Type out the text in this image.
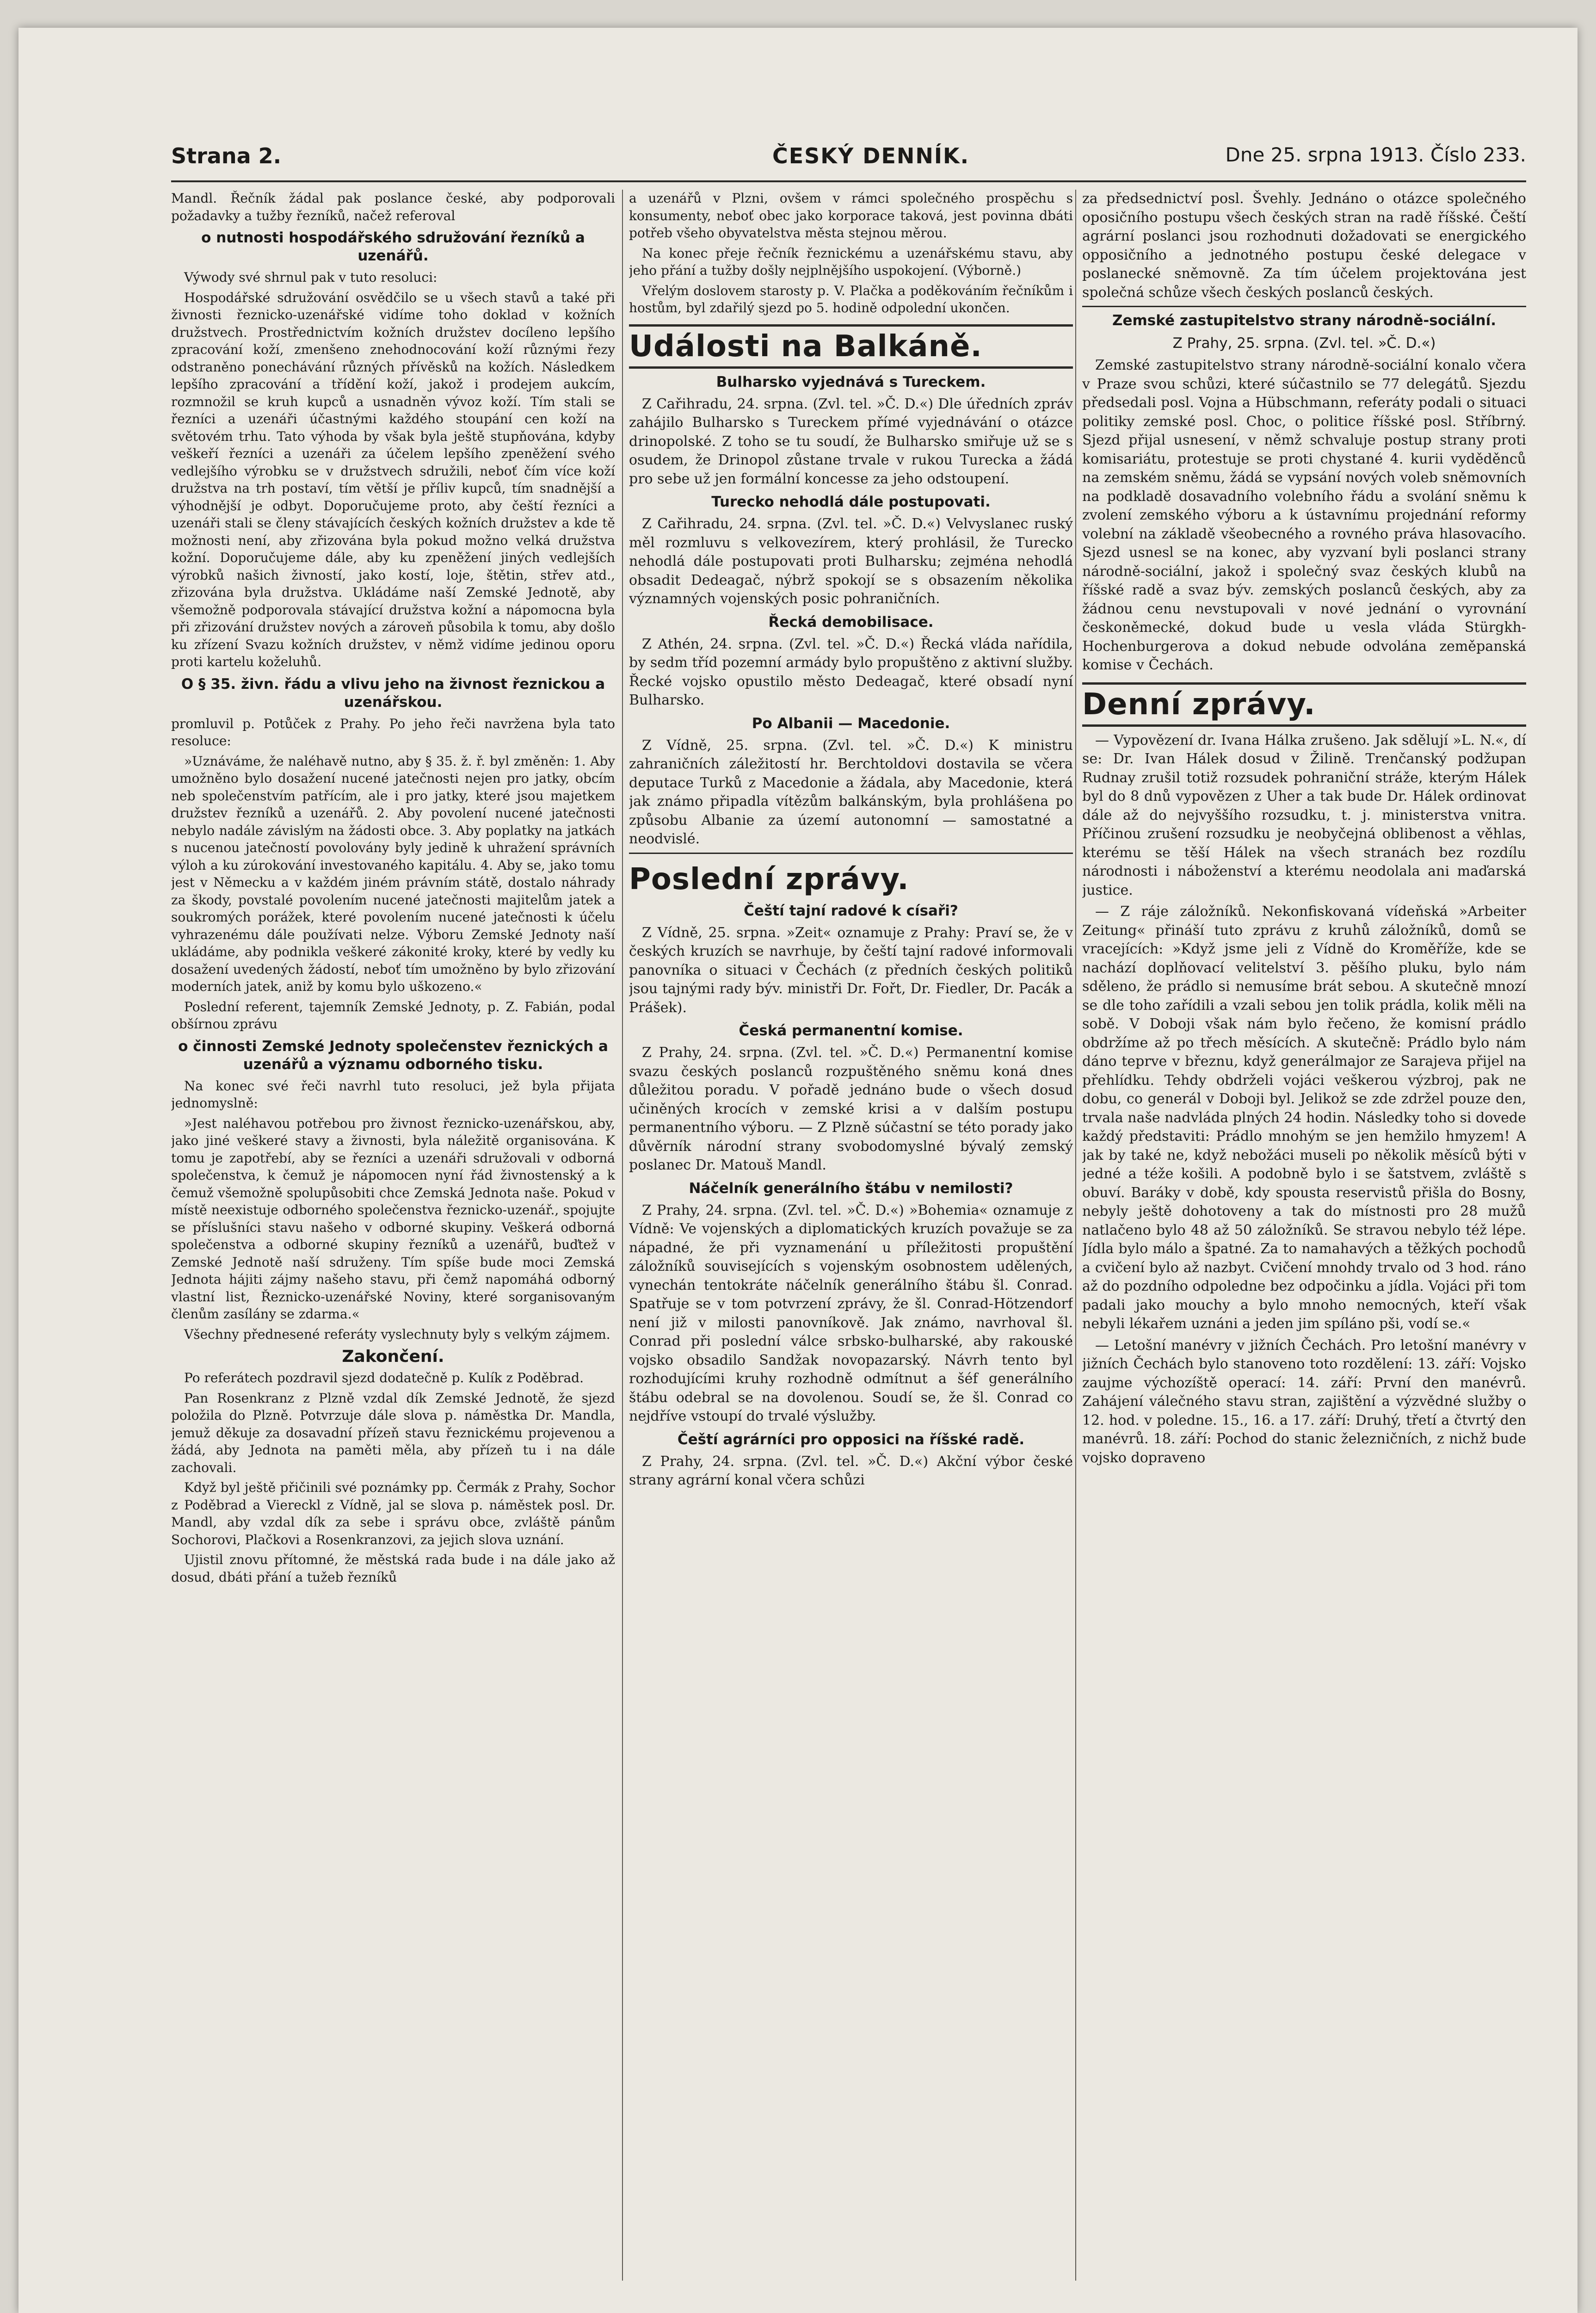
Strana 2.	ČESKÝ DENNÍK.	Dne 25. srpna 1913. Číslo 233.

Mandl. Řečník žádal pak poslance české, aby podporovali požadavky a tužby řezníků, načež referoval

o nutnosti hospodářského sdružování řezníků a uzenářů.

Výwody své shrnul pak v tuto resoluci:

Hospodářské sdružování osvědčilo se u všech stavů a také při živnosti řeznicko-uzenářské vidíme toho doklad v kožních družstvech. Prostřednictvím kožních družstev docíleno lepšího zpracování koží, zmenšeno znehodnocování koží různými řezy odstraněno ponechávání různých přívěsků na kožích. Následkem lepšího zpracování a třídění koží, jakož i prodejem aukcím, rozmnožil se kruh kupců a usnadněn vývoz koží. Tím stali se řezníci a uzenáři účastnými každého stoupání cen koží na světovém trhu. Tato výhoda by však byla ještě stupňována, kdyby veškeří řezníci a uzenáři za účelem lepšího zpeněžení svého vedlejšího výrobku se v družstvech sdružili, neboť čím více koží družstva na trh postaví, tím větší je příliv kupců, tím snadnější a výhodnější je odbyt. Doporučujeme proto, aby čeští řezníci a uzenáři stali se členy stávajících českých kožních družstev a kde tě možnosti není, aby zřizována byla pokud možno velká družstva kožní. Doporučujeme dále, aby ku zpeněžení jiných vedlejších výrobků našich živností, jako kostí, loje, štětin, střev atd., zřizována byla družstva. Ukládáme naší Zemské Jednotě, aby všemožně podporovala stávající družstva kožní a nápomocna byla při zřizování družstev nových a zároveň působila k tomu, aby došlo ku zřízení Svazu kožních družstev, v němž vidíme jedinou oporu proti kartelu koželuhů.

O § 35. živn. řádu a vlivu jeho na živnost řeznickou a uzenářskou.

promluvil p. Potůček z Prahy. Po jeho řeči navržena byla tato resoluce:

»Uznáváme, že naléhavě nutno, aby § 35. ž. ř. byl změněn: 1. Aby umožněno bylo dosažení nucené jatečnosti nejen pro jatky, obcím neb společenstvím patřícím, ale i pro jatky, které jsou majetkem družstev řezníků a uzenářů. 2. Aby povolení nucené jatečnosti nebylo nadále závislým na žádosti obce. 3. Aby poplatky na jatkách s nucenou jatečností povolovány byly jedině k uhražení správních výloh a ku zúrokování investovaného kapitálu. 4. Aby se, jako tomu jest v Německu a v každém jiném právním státě, dostalo náhrady za škody, povstalé povolením nucené jatečnosti majitelům jatek a soukromých porážek, které povolením nucené jatečnosti k účelu vyhrazenému dále používati nelze. Výboru Zemské Jednoty naší ukládáme, aby podnikla veškeré zákonité kroky, které by vedly ku dosažení uvedených žádostí, neboť tím umožněno by bylo zřizování moderních jatek, aniž by komu bylo uškozeno.«

Poslední referent, tajemník Zemské Jednoty, p. Z. Fabián, podal obšírnou zprávu

o činnosti Zemské Jednoty společenstev řeznických a uzenářů a významu odborného tisku.

Na konec své řeči navrhl tuto resoluci, jež byla přijata jednomyslně:

»Jest naléhavou potřebou pro živnost řeznicko-uzenářskou, aby, jako jiné veškeré stavy a živnosti, byla náležitě organisována. K tomu je zapotřebí, aby se řezníci a uzenáři sdružovali v odborná společenstva, k čemuž je nápomocen nyní řád živnostenský a k čemuž všemožně spolupůsobiti chce Zemská Jednota naše. Pokud v místě neexistuje odborného společenstva řeznicko-uzenář., spojujte se příslušníci stavu našeho v odborné skupiny. Veškerá odborná společenstva a odborné skupiny řezníků a uzenářů, buďtež v Zemské Jednotě naší sdruženy. Tím spíše bude moci Zemská Jednota hájiti zájmy našeho stavu, při čemž napomáhá odborný vlastní list, Řeznicko-uzenářské Noviny, které sorganisovaným členům zasílány se zdarma.«

Všechny přednesené referáty vyslechnuty byly s velkým zájmem.

Zakončení.

Po referátech pozdravil sjezd dodatečně p. Kulík z Poděbrad.

Pan Rosenkranz z Plzně vzdal dík Zemské Jednotě, že sjezd položila do Plzně. Potvrzuje dále slova p. náměstka Dr. Mandla, jemuž děkuje za dosavadní přízeň stavu řeznickému projevenou a žádá, aby Jednota na paměti měla, aby přízeň tu i na dále zachovali.

Když byl ještě přičinili své poznámky pp. Čermák z Prahy, Sochor z Poděbrad a Viereckl z Vídně, jal se slova p. náměstek posl. Dr. Mandl, aby vzdal dík za sebe i správu obce, zvláště pánům Sochorovi, Plačkovi a Rosenkranzovi, za jejich slova uznání.

Ujistil znovu přítomné, že městská rada bude i na dále jako až dosud, dbáti přání a tužeb řezníků

a uzenářů v Plzni, ovšem v rámci společného prospěchu s konsumenty, neboť obec jako korporace taková, jest povinna dbáti potřeb všeho obyvatelstva města stejnou měrou.

Na konec přeje řečník řeznickému a uzenářskému stavu, aby jeho přání a tužby došly nejplnějšího uspokojení. (Výborně.)

Vřelým doslovem starosty p. V. Plačka a poděkováním řečníkům i hostům, byl zdařilý sjezd po 5. hodině odpolední ukončen.

Události na Balkáně.
Bulharsko vyjednává s Tureckem.

Z Cařihradu, 24. srpna. (Zvl. tel. »Č. D.«) Dle úředních zpráv zahájilo Bulharsko s Tureckem přímé vyjednávání o otázce drinopolské. Z toho se tu soudí, že Bulharsko smiřuje už se s osudem, že Drinopol zůstane trvale v rukou Turecka a žádá pro sebe už jen formální koncesse za jeho odstoupení.

Turecko nehodlá dále postupovati.

Z Cařihradu, 24. srpna. (Zvl. tel. »Č. D.«) Velvyslanec ruský měl rozmluvu s velkovezírem, který prohlásil, že Turecko nehodlá dále postupovati proti Bulharsku; zejména nehodlá obsadit Dedeagač, nýbrž spokojí se s obsazením několika významných vojenských posic pohraničních.

Řecká demobilisace.

Z Athén, 24. srpna. (Zvl. tel. »Č. D.«) Řecká vláda nařídila, by sedm tříd pozemní armády bylo propuštěno z aktivní služby. Řecké vojsko opustilo město Dedeagač, které obsadí nyní Bulharsko.

Po Albanii — Macedonie.

Z Vídně, 25. srpna. (Zvl. tel. »Č. D.«) K ministru zahraničních záležitostí hr. Berchtoldovi dostavila se včera deputace Turků z Macedonie a žádala, aby Macedonie, která jak známo připadla vítězům balkánským, byla prohlášena po způsobu Albanie za území autonomní — samostatné a neodvislé.

Poslední zprávy.
Čeští tajní radové k císaři?

Z Vídně, 25. srpna. »Zeit« oznamuje z Prahy: Praví se, že v českých kruzích se navrhuje, by čeští tajní radové informovali panovníka o situaci v Čechách (z předních českých politiků jsou tajnými rady býv. ministři Dr. Fořt, Dr. Fiedler, Dr. Pacák a Prášek).

Česká permanentní komise.

Z Prahy, 24. srpna. (Zvl. tel. »Č. D.«) Permanentní komise svazu českých poslanců rozpuštěného sněmu koná dnes důležitou poradu. V pořadě jednáno bude o všech dosud učiněných krocích v zemské krisi a v dalším postupu permanentního výboru. — Z Plzně súčastní se této porady jako důvěrník národní strany svobodomyslné bývalý zemský poslanec Dr. Matouš Mandl.

Náčelník generálního štábu v nemilosti?

Z Prahy, 24. srpna. (Zvl. tel. »Č. D.«) »Bohemia« oznamuje z Vídně: Ve vojenských a diplomatických kruzích považuje se za nápadné, že při vyznamenání u příležitosti propuštění záložníků souvisejících s vojenským osobnostem udělených, vynechán tentokráte náčelník generálního štábu šl. Conrad. Spatřuje se v tom potvrzení zprávy, že šl. Conrad-Hötzendorf není již v milosti panovníkově. Jak známo, navrhoval šl. Conrad při poslední válce srbsko-bulharské, aby rakouské vojsko obsadilo Sandžak novopazarský. Návrh tento byl rozhodujícími kruhy rozhodně odmítnut a šéf generálního štábu odebral se na dovolenou. Soudí se, že šl. Conrad co nejdříve vstoupí do trvalé výslužby.

Čeští agrárníci pro opposici na říšské radě.

Z Prahy, 24. srpna. (Zvl. tel. »Č. D.«) Akční výbor české strany agrární konal včera schůzi

za předsednictví posl. Švehly. Jednáno o otázce společného oposičního postupu všech českých stran na radě říšské. Čeští agrární poslanci jsou rozhodnuti dožadovati se energického opposičního a jednotného postupu české delegace v poslanecké sněmovně. Za tím účelem projektována jest společná schůze všech českých poslanců českých.

Zemské zastupitelstvo strany národně-sociální.
Z Prahy, 25. srpna. (Zvl. tel. »Č. D.«)

Zemské zastupitelstvo strany národně-sociální konalo včera v Praze svou schůzi, které súčastnilo se 77 delegátů. Sjezdu předsedali posl. Vojna a Hübschmann, referáty podali o situaci politiky zemské posl. Choc, o politice říšské posl. Stříbrný. Sjezd přijal usnesení, v němž schvaluje postup strany proti komisariátu, protestuje se proti chystané 4. kurii vyděděnců na zemském sněmu, žádá se vypsání nových voleb sněmovních na podkladě dosavadního volebního řádu a svolání sněmu k zvolení zemského výboru a k ústavnímu projednání reformy volební na základě všeobecného a rovného práva hlasovacího. Sjezd usnesl se na konec, aby vyzvaní byli poslanci strany národně-sociální, jakož i společný svaz českých klubů na říšské radě a svaz býv. zemských poslanců českých, aby za žádnou cenu nevstupovali v nové jednání o vyrovnání českoněmecké, dokud bude u vesla vláda Stürgkh-Hochenburgerova a dokud nebude odvolána zeměpanská komise v Čechách.

Denní zprávy.

— Vypovězení dr. Ivana Hálka zrušeno. Jak sdělují »L. N.«, dí se: Dr. Ivan Hálek dosud v Žilině. Trenčanský podžupan Rudnay zrušil totiž rozsudek pohraniční stráže, kterým Hálek byl do 8 dnů vypovězen z Uher a tak bude Dr. Hálek ordinovat dále až do nejvyššího rozsudku, t. j. ministerstva vnitra. Příčinou zrušení rozsudku je neobyčejná oblibenost a věhlas, kterému se těší Hálek na všech stranách bez rozdílu národnosti i náboženství a kterému neodolala ani maďarská justice.

— Z ráje záložníků. Nekonfiskovaná vídeňská »Arbeiter Zeitung« přináší tuto zprávu z kruhů záložníků, domů se vracejících: »Když jsme jeli z Vídně do Kroměříže, kde se nachází doplňovací velitelství 3. pěšího pluku, bylo nám sděleno, že prádlo si nemusíme brát sebou. A skutečně mnozí se dle toho zařídili a vzali sebou jen tolik prádla, kolik měli na sobě. V Doboji však nám bylo řečeno, že komisní prádlo obdržíme až po třech měsících. A skutečně: Prádlo bylo nám dáno teprve v březnu, když generálmajor ze Sarajeva přijel na přehlídku. Tehdy obdrželi vojáci veškerou výzbroj, pak ne dobu, co generál v Doboji byl. Jelikož se zde zdržel pouze den, trvala naše nadvláda plných 24 hodin. Následky toho si dovede každý představiti: Prádlo mnohým se jen hemžilo hmyzem! A jak by také ne, když nebožáci museli po několik měsíců býti v jedné a téže košili. A podobně bylo i se šatstvem, zvláště s obuví. Baráky v době, kdy spousta reservistů přišla do Bosny, nebyly ještě dohotoveny a tak do místnosti pro 28 mužů natlačeno bylo 48 až 50 záložníků. Se stravou nebylo též lépe. Jídla bylo málo a špatné. Za to namahavých a těžkých pochodů a cvičení bylo až nazbyt. Cvičení mnohdy trvalo od 3 hod. ráno až do pozdního odpoledne bez odpočinku a jídla. Vojáci při tom padali jako mouchy a bylo mnoho nemocných, kteří však nebyli lékařem uznáni a jeden jim spíláno pši, vodí se.«

— Letošní manévry v jižních Čechách. Pro letošní manévry v jižních Čechách bylo stanoveno toto rozdělení: 13. září: Vojsko zaujme výchozíště operací: 14. září: První den manévrů. Zahájení válečného stavu stran, zajištění a výzvědné služby o 12. hod. v poledne. 15., 16. a 17. září: Druhý, třetí a čtvrtý den manévrů. 18. září: Pochod do stanic železničních, z nichž bude vojsko dopraveno
